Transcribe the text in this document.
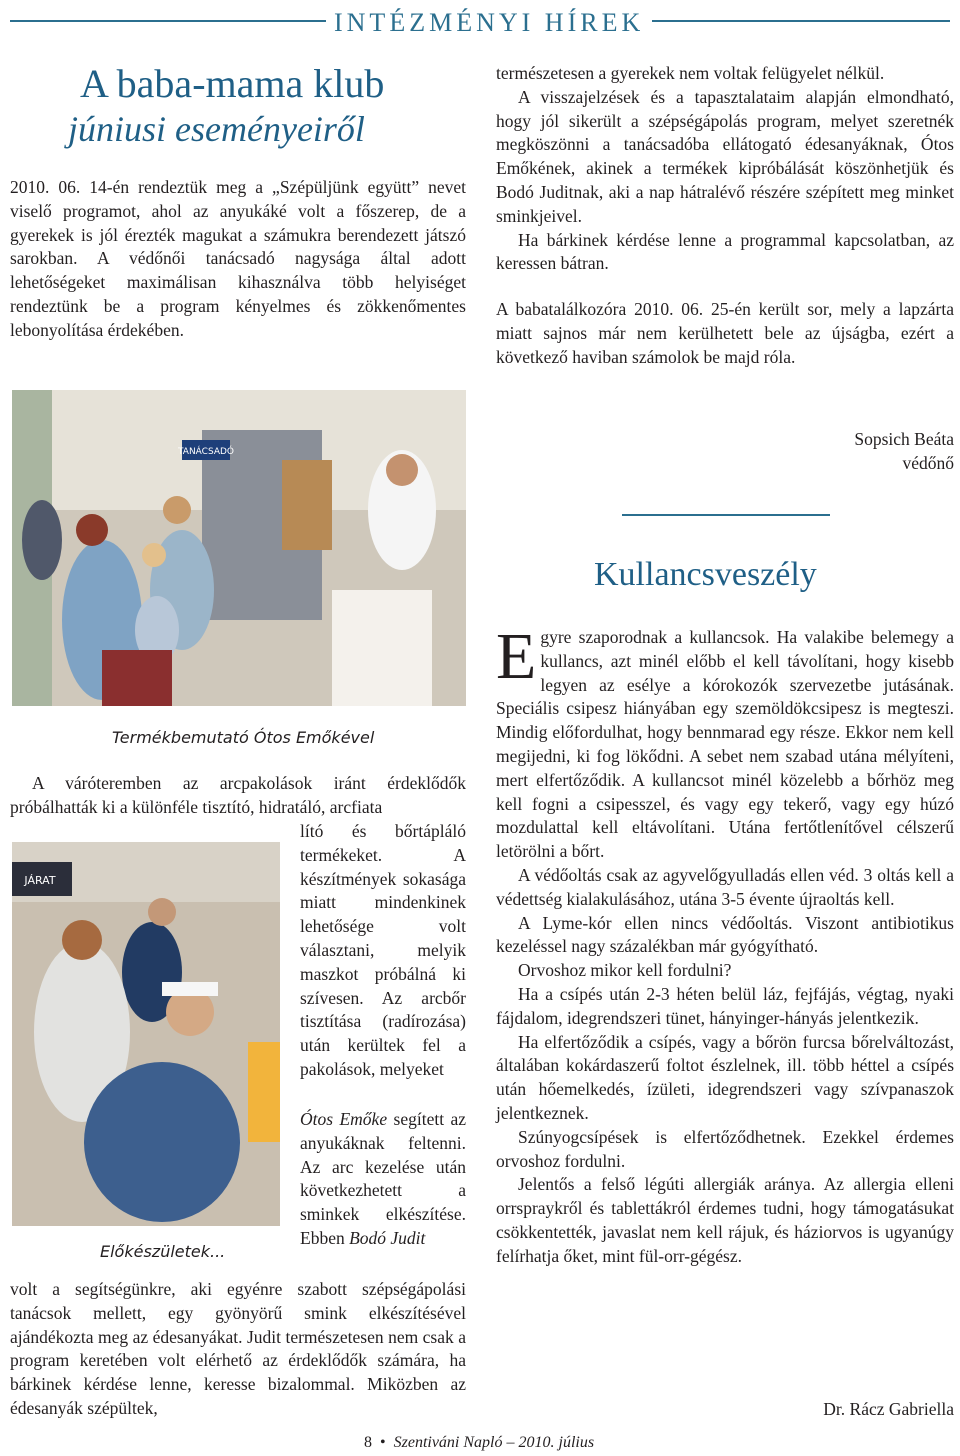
INTÉZMÉNYI HÍREK
A baba-mama klub
júniusi eseményeiről

2010. 06. 14-én rendeztük meg a „Szépüljünk együtt” nevet viselő programot, ahol az anyukáké volt a főszerep, de a gyerekek is jól érezték magukat a számukra berendezett játszó sarokban. A védőnői tanácsadó nagysága által adott lehetőségeket maximálisan kihasználva több helyiséget rendeztünk be a program kényelmes és zökkenőmentes lebonyolítása érdekében.

TANÁCSADÓ
Termékbemutató Ótos Emőkével
A váróteremben az arcpakolások iránt érdeklődők próbálhatták ki a különféle tisztító, hidratáló, arcfiata
JÁRAT

lító és bőrtápláló termékeket. A készítmények sokasága miatt mindenkinek lehetősége volt választani, melyik maszkot próbálná ki szívesen. Az arcbőr tisztítása (radírozása) után kerültek fel a pakolások, melyeket

Ótos Emőke segített az anyukáknak feltenni. Az arc kezelése után következhetett a sminkek elkészítése. Ebben Bodó Judit

Előkészületek...

volt a segítségünkre, aki egyénre szabott szépségápolási tanácsok mellett, egy gyönyörű smink elkészítésével ajándékozta meg az édesanyákat. Judit természetesen nem csak a program keretében volt elérhető az érdeklődők számára, ha bárkinek kérdése lenne, keresse bizalommal. Miközben az édesanyák szépültek,

természetesen a gyerekek nem voltak felügyelet nélkül.

A visszajelzések és a tapasztalataim alapján elmondható, hogy jól sikerült a szépségápolás program, melyet szeretnék megköszönni a tanácsadóba ellátogató édesanyáknak, Ótos Emőkének, akinek a termékek kipróbálását köszönhetjük és Bodó Juditnak, aki a nap hátralévő részére szépített meg minket sminkjeivel.

Ha bárkinek kérdése lenne a programmal kapcsolatban, az keressen bátran.

A babatalálkozóra 2010. 06. 25-én került sor, mely a lapzárta miatt sajnos már nem kerülhetett bele az újságba, ezért a következő haviban számolok be majd róla.

Sopsich Beáta
védőnő
Kullancsveszély

Egyre szaporodnak a kullancsok. Ha valakibe belemegy a kullancs, azt minél előbb el kell távolítani, hogy kisebb legyen az esélye a kórokozók szervezetbe jutásának. Speciális csipesz hiányában egy szemöldökcsipesz is megteszi. Mindig előfordulhat, hogy bennmarad egy része. Ekkor nem kell megijedni, ki fog lökődni. A sebet nem szabad utána mélyíteni, mert elfertőződik. A kullancsot minél közelebb a bőrhöz meg kell fogni a csipesszel, és vagy egy tekerő, vagy egy húzó mozdulattal kell eltávolítani. Utána fertőtlenítővel célszerű letörölni a bőrt.

A védőoltás csak az agyvelőgyulladás ellen véd. 3 oltás kell a védettség kialakulásához, utána 3-5 évente újraoltás kell.

A Lyme-kór ellen nincs védőoltás. Viszont antibiotikus kezeléssel nagy százalékban már gyógyítható.

Orvoshoz mikor kell fordulni?

Ha a csípés után 2-3 héten belül láz, fejfájás, végtag, nyaki fájdalom, idegrendszeri tünet, hányinger-hányás jelentkezik.

Ha elfertőződik a csípés, vagy a bőrön furcsa bőrelváltozást, általában kokárdaszerű foltot észlelnek, ill. több héttel a csípés után hőemelkedés, ízületi, idegrendszeri vagy szívpanaszok jelentkeznek.

Szúnyogcsípések is elfertőződhetnek. Ezekkel érdemes orvoshoz fordulni.

Jelentős a felső légúti allergiák aránya. Az allergia elleni orrspraykről és tablettákról érdemes tudni, hogy támogatásukat csökkentették, javaslat nem kell rájuk, és háziorvos is ugyanúgy felírhatja őket, mint fül-orr-gégész.

Dr. Rácz Gabriella
8 • Szentiváni Napló – 2010. július
